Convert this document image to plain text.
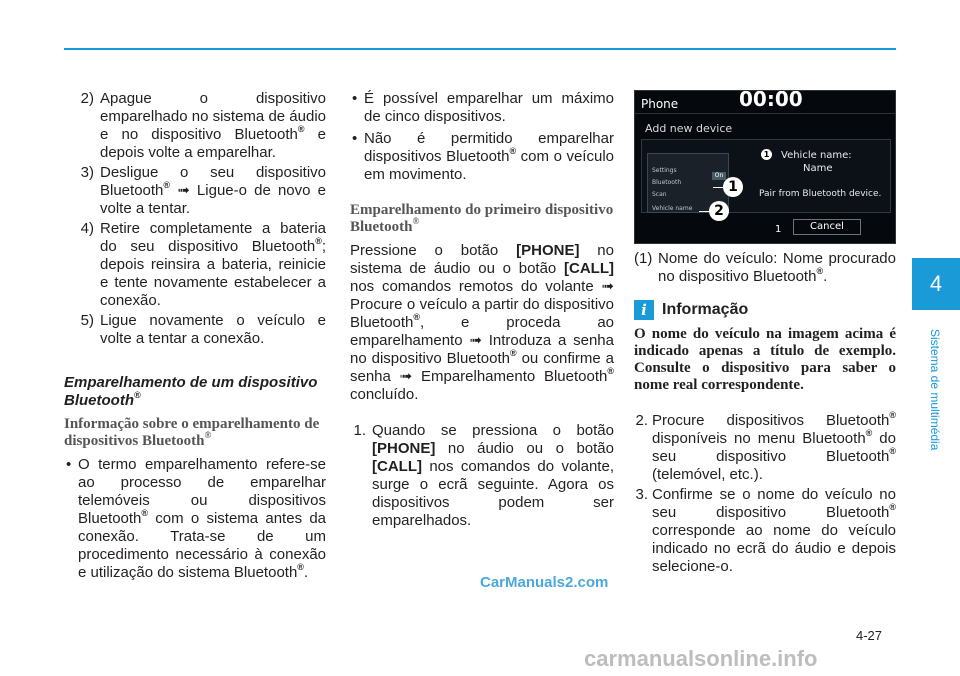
2) Apague o dispositivo emparelhado no sistema de áudio e no dispositivo Bluetooth® e depois volte a emparelhar.
3) Desligue o seu dispositivo Bluetooth® ➟ Ligue-o de novo e volte a tentar.
4) Retire completamente a bateria do seu dispositivo Bluetooth®; depois reinsira a bateria, reinicie e tente novamente estabelecer a conexão.
5) Ligue novamente o veículo e volte a tentar a conexão.
Emparelhamento de um dispositivo Bluetooth®
Informação sobre o emparelhamento de dispositivos Bluetooth®
• O termo emparelhamento refere-se ao processo de emparelhar telemóveis ou dispositivos Bluetooth® com o sistema antes da conexão. Trata-se de um procedimento necessário à conexão e utilização do sistema Bluetooth®.
• É possível emparelhar um máximo de cinco dispositivos.
• Não é permitido emparelhar dispositivos Bluetooth® com o veículo em movimento.
Emparelhamento do primeiro dispositivo Bluetooth®

Pressione o botão [PHONE] no sistema de áudio ou o botão [CALL] nos comandos remotos do volante ➟ Procure o veículo a partir do dispositivo Bluetooth®, e proceda ao emparelhamento ➟ Introduza a senha no dispositivo Bluetooth® ou confirme a senha ➟ Emparelhamento Bluetooth® concluído.

1. Quando se pressiona o botão [PHONE] no áudio ou o botão [CALL] nos comandos do volante, surge o ecrã seguinte. Agora os dispositivos podem ser emparelhados.
Phone	00:00
Add new device
Settings
Bluetooth
On
Scan
Vehicle name
1
2
1 Vehicle name:
Name
Pair from Bluetooth device.
1	Cancel
(1) Nome do veículo: Nome procurado no dispositivo Bluetooth®.
i Informação
O nome do veículo na imagem acima é indicado apenas a título de exemplo. Consulte o dispositivo para saber o nome real correspondente.
2. Procure dispositivos Bluetooth® disponíveis no menu Bluetooth® do seu dispositivo Bluetooth® (telemóvel, etc.).
3. Confirme se o nome do veículo no seu dispositivo Bluetooth® corresponde ao nome do veículo indicado no ecrã do áudio e depois selecione-o.
4
Sistema de multimédia
CarManuals2.com
4-27
carmanualsonline.info
